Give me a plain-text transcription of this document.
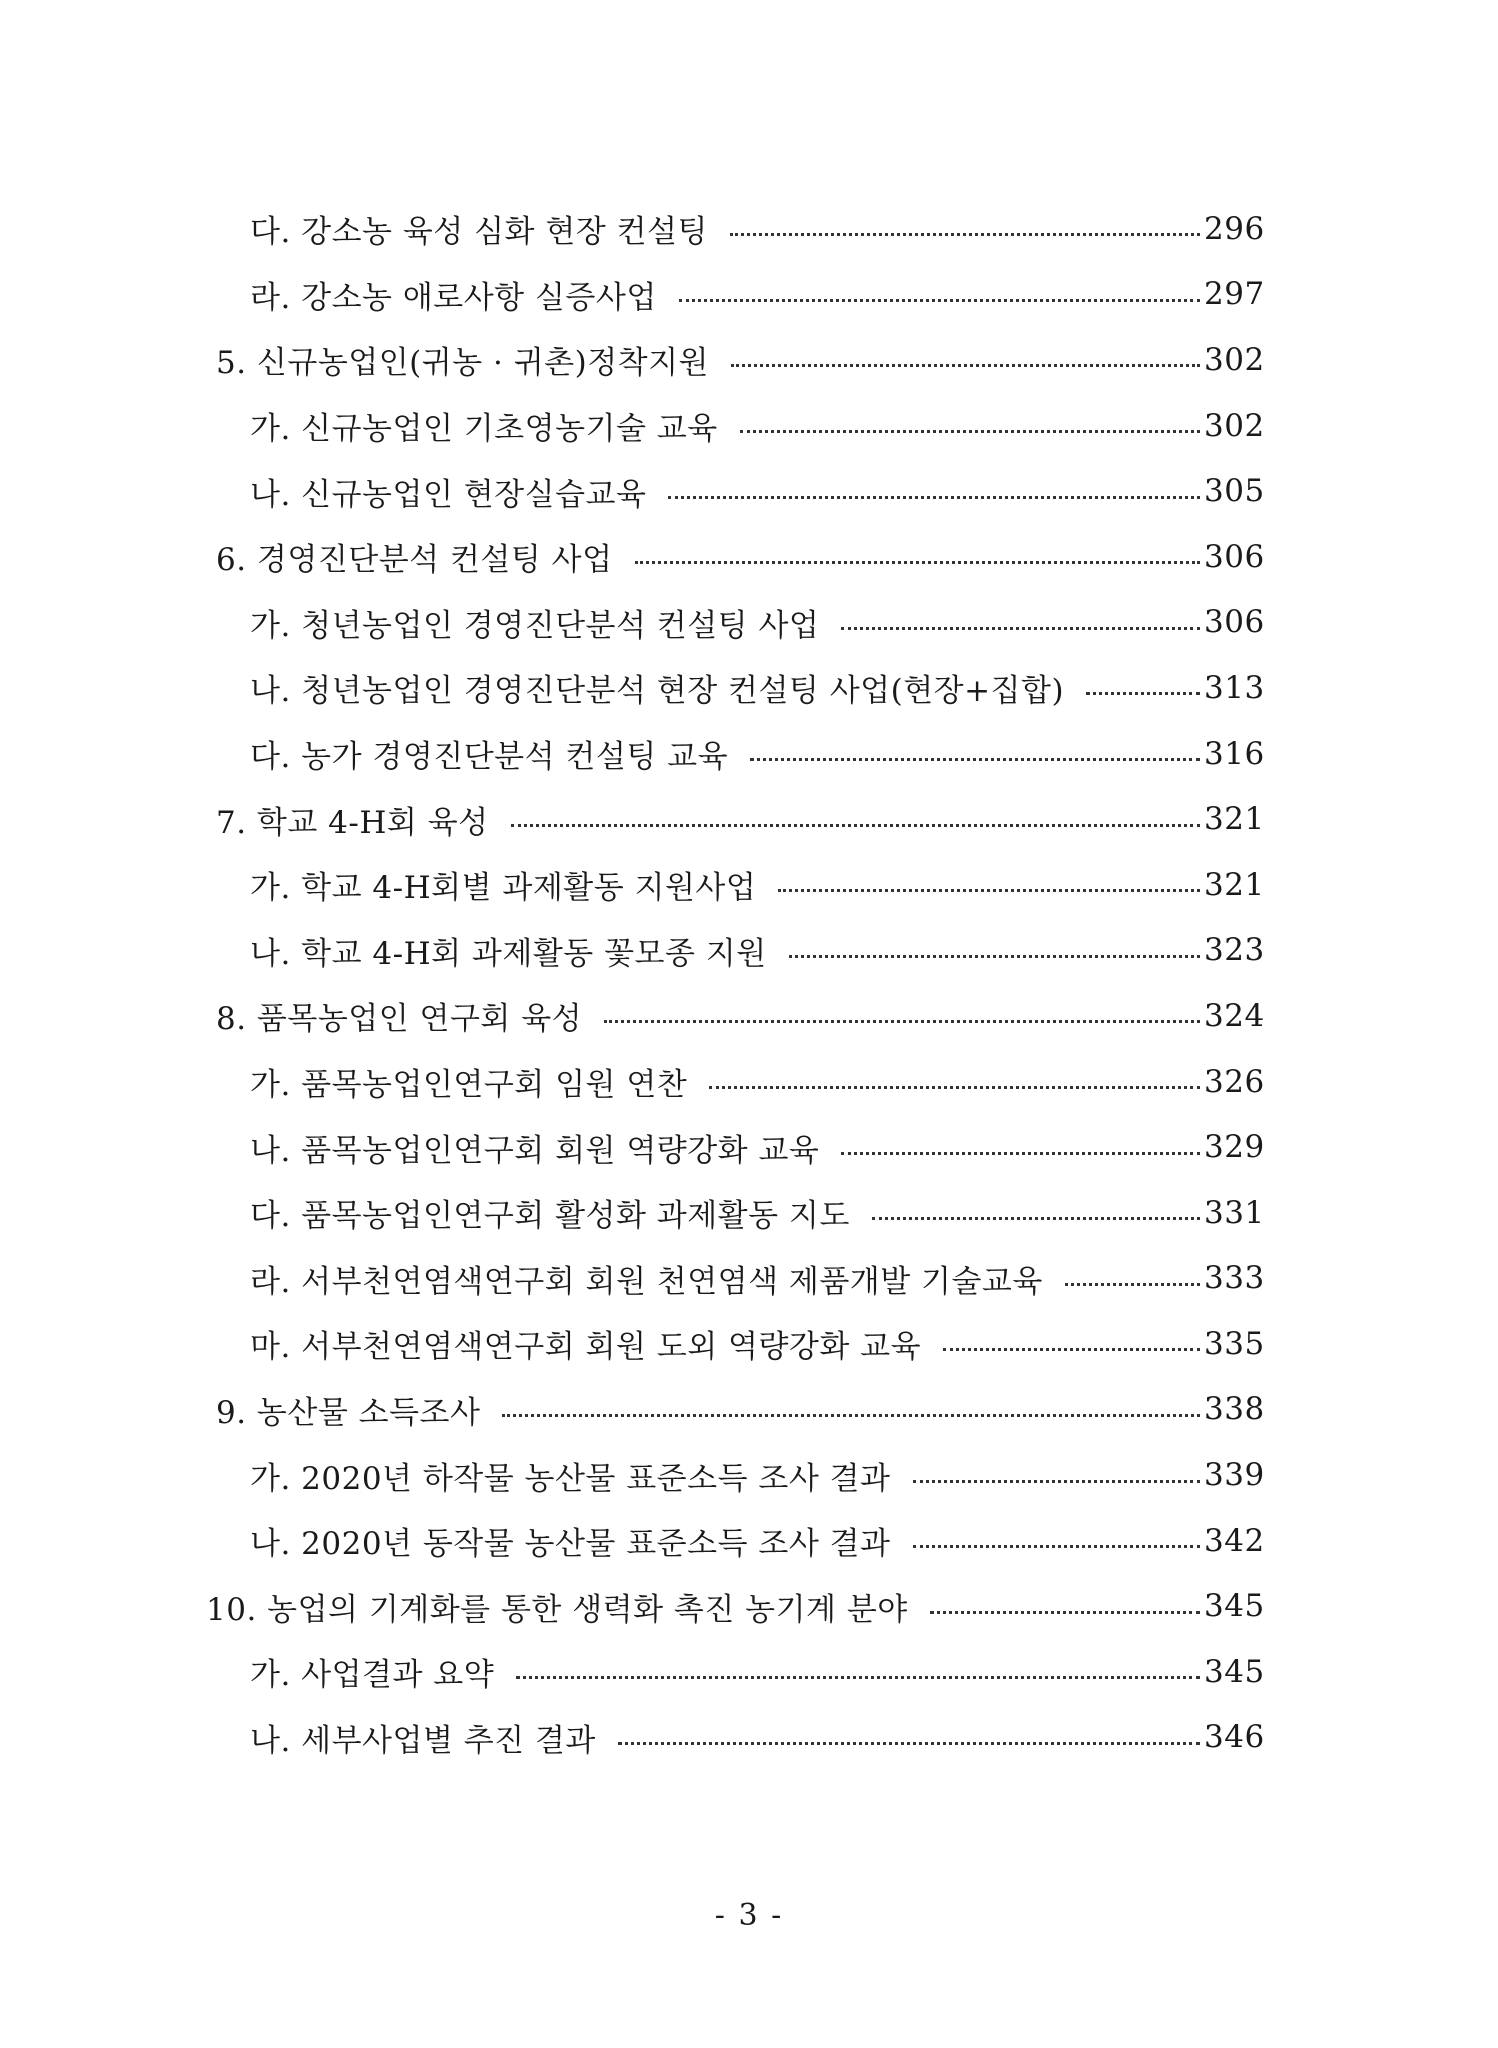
다. 강소농 육성 심화 현장 컨설팅	296
라. 강소농 애로사항 실증사업	297
5. 신규농업인(귀농 · 귀촌)정착지원	302
가. 신규농업인 기초영농기술 교육	302
나. 신규농업인 현장실습교육	305
6. 경영진단분석 컨설팅 사업	306
가. 청년농업인 경영진단분석 컨설팅 사업	306
나. 청년농업인 경영진단분석 현장 컨설팅 사업(현장+집합)	313
다. 농가 경영진단분석 컨설팅 교육	316
7. 학교 4-H회 육성	321
가. 학교 4-H회별 과제활동 지원사업	321
나. 학교 4-H회 과제활동 꽃모종 지원	323
8. 품목농업인 연구회 육성	324
가. 품목농업인연구회 임원 연찬	326
나. 품목농업인연구회 회원 역량강화 교육	329
다. 품목농업인연구회 활성화 과제활동 지도	331
라. 서부천연염색연구회 회원 천연염색 제품개발 기술교육	333
마. 서부천연염색연구회 회원 도외 역량강화 교육	335
9. 농산물 소득조사	338
가. 2020년 하작물 농산물 표준소득 조사 결과	339
나. 2020년 동작물 농산물 표준소득 조사 결과	342
10. 농업의 기계화를 통한 생력화 촉진 농기계 분야	345
가. 사업결과 요약	345
나. 세부사업별 추진 결과	346
- 3 -
